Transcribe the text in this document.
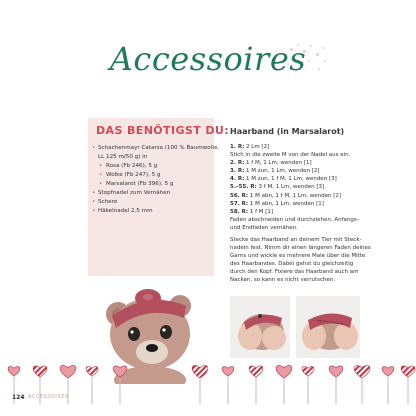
Accessoires
DAS BENÖTIGST DU:
• Schachenmayr Catania (100 % Baumwolle,
LL 125 m/50 g) in
• Rosa (Fb 246), 5 g
• Wolke (Fb 247), 5 g
• Marsalarot (Fb 396), 5 g
• Stopfnadel zum Vernähen
• Schere
• Häkelnadel 2,5 mm
Haarband (in Marsalarot)
1. R: 2 Lm [2]
Stich in die zweite M von der Nadel aus ein.
2. R: 1 f M, 1 Lm, wenden [1]
3. R: 1 M zun, 1 Lm, wenden [2]
4. R: 1 M zun, 1 f M, 1 Lm, wenden [3]
5.–55. R: 3 f M, 1 Lm, wenden [3]
56. R: 1 M abn, 1 f M, 1 Lm, wenden [2]
57. R: 1 M abn, 1 Lm, wenden [1]
58. R: 1 f M [1]
Faden abschneiden und durchziehen. Anfangs-
und Endfaden vernähen.
Stecke das Haarband an deinem Tier mit Steck-
nadeln fest. Nimm dir einen längeren Faden deines
Garns und wickle es mehrere Male über die Mitte
des Haarbandes. Dabei gehst du gleichzeitig
durch den Kopf. Fixiere das Haarband auch am
Nacken, so kann es nicht verrutschen.
124 ACCESSOIRES
